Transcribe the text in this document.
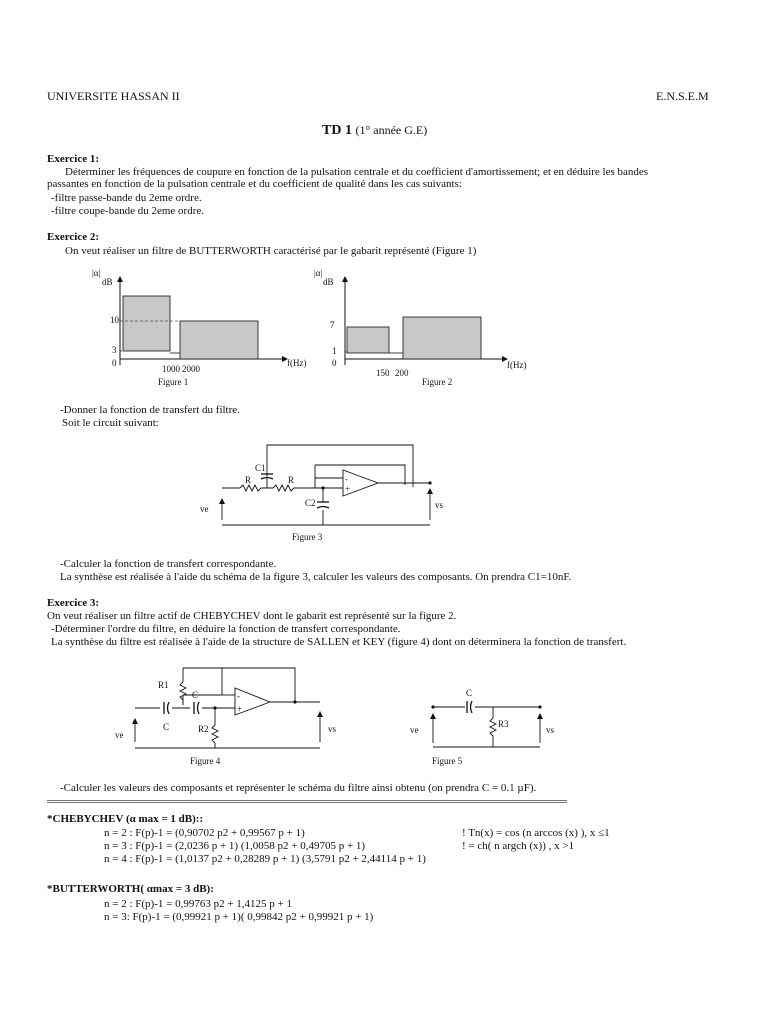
UNIVERSITE HASSAN II	E.N.S.E.M
TD 1 (1° année G.E)
Exercice 1:
Déterminer les fréquences de coupure en fonction de la pulsation centrale et du coefficient d'amortissement; et en déduire les bandes
passantes en fonction de la pulsation centrale et du coefficient de qualité dans les cas suivants:
-filtre passe-bande du 2eme ordre.
-filtre coupe-bande du 2eme ordre.
Exercice 2:
On veut réaliser un filtre de BUTTERWORTH caractérisé par le gabarit représenté (Figure 1)
|α|
dB
10
3
0
1000 2000
f(Hz)
Figure 1
|α|
dB
7
1
0
150 200
f(Hz)
Figure 2
-Donner la fonction de transfert du filtre.
Soit le circuit suivant:
-
+
C1
R	R
C2
ve	vs
Figure 3
-Calculer la fonction de transfert correspondante.
La synthèse est réalisée à l'aide du schéma de la figure 3, calculer les valeurs des composants. On prendra C1=10nF.
Exercice 3:
On veut réaliser un filtre actif de CHEBYCHEV dont le gabarit est représenté sur la figure 2.
-Déterminer l'ordre du filtre, en déduire la fonction de transfert correspondante.
La synthèse du filtre est réalisée à l'aide de la structure de SALLEN et KEY (figure 4) dont on déterminera la fonction de transfert.
-
+
R1
C
C	R2
ve
vs
Figure 4
C
R3
ve	vs
Figure 5
-Calculer les valeurs des composants et représenter le schéma du filtre ainsi obtenu (on prendra C = 0.1 µF).
*CHEBYCHEV (α max = 1 dB)::
n = 2 : F(p)-1 = (0,90702 p2 + 0,99567 p + 1)
n = 3 : F(p)-1 = (2,0236 p + 1) (1,0058 p2 + 0,49705 p + 1)
n = 4 : F(p)-1 = (1,0137 p2 + 0,28289 p + 1) (3,5791 p2 + 2,44114 p + 1)
! Tn(x) = cos (n arccos (x) ), x ≤1
! = ch( n argch (x)) , x >1
*BUTTERWORTH( αmax = 3 dB):
n = 2 : F(p)-1 = 0,99763 p2 + 1,4125 p + 1
n = 3: F(p)-1 = (0,99921 p + 1)( 0,99842 p2 + 0,99921 p + 1)
